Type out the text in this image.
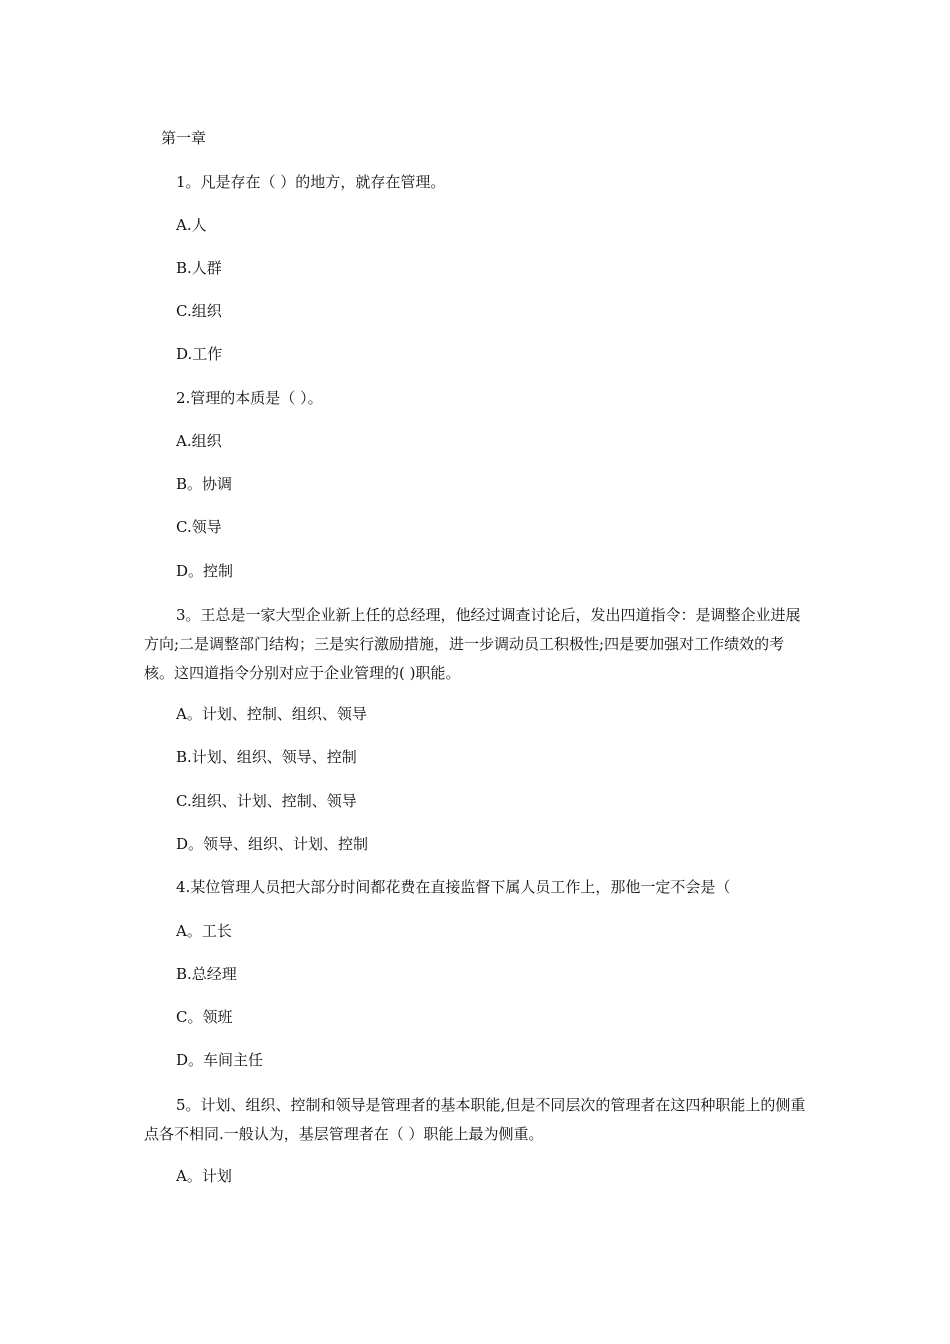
第一章
1。凡是存在（ ）的地方，就存在管理。
A.人
B.人群
C.组织
D.工作
2.管理的本质是（ ）。
A.组织
B。协调
C.领导
D。控制
3。王总是一家大型企业新上任的总经理，他经过调查讨论后，发出四道指令：是调整企业进展方向;二是调整部门结构；三是实行激励措施，进一步调动员工积极性;四是要加强对工作绩效的考核。这四道指令分别对应于企业管理的( )职能。
A。计划、控制、组织、领导
B.计划、组织、领导、控制
C.组织、计划、控制、领导
D。领导、组织、计划、控制
4.某位管理人员把大部分时间都花费在直接监督下属人员工作上，那他一定不会是（
A。工长
B.总经理
C。领班
D。车间主任
5。计划、组织、控制和领导是管理者的基本职能,但是不同层次的管理者在这四种职能上的侧重点各不相同.一般认为，基层管理者在（ ）职能上最为侧重。
A。计划
